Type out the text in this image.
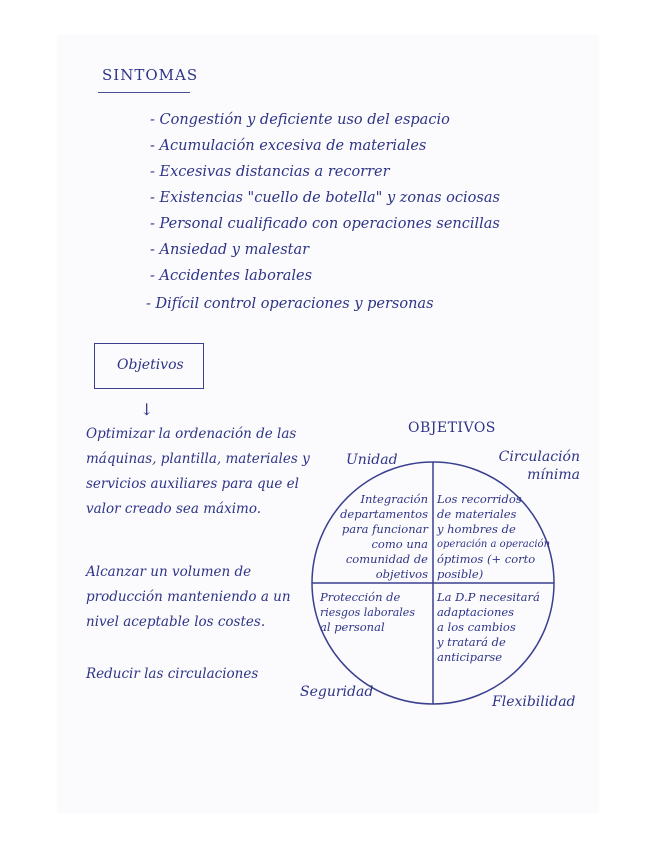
SINTOMAS
- Congestión y deficiente uso del espacio
- Acumulación excesiva de materiales
- Excesivas distancias a recorrer
- Existencias "cuello de botella" y zonas ociosas
- Personal cualificado con operaciones sencillas
- Ansiedad y malestar
- Accidentes laborales
- Difícil control operaciones y personas
Objetivos
↓
Optimizar la ordenación de las máquinas, plantilla, materiales y servicios auxiliares para que el valor creado sea máximo.
Alcanzar un volumen de producción manteniendo a un nivel aceptable los costes.
Reducir las circulaciones
OBJETIVOS
Unidad	Circulación mínima
Seguridad
Flexibilidad
Integración
departamentos
para funcionar
como una
comunidad de
objetivos
Los recorridos
de materiales
y hombres de
operación a operación
óptimos (+ corto
posible)
Protección de
riesgos laborales
al personal
La D.P necesitará
adaptaciones
a los cambios
y tratará de
anticiparse
